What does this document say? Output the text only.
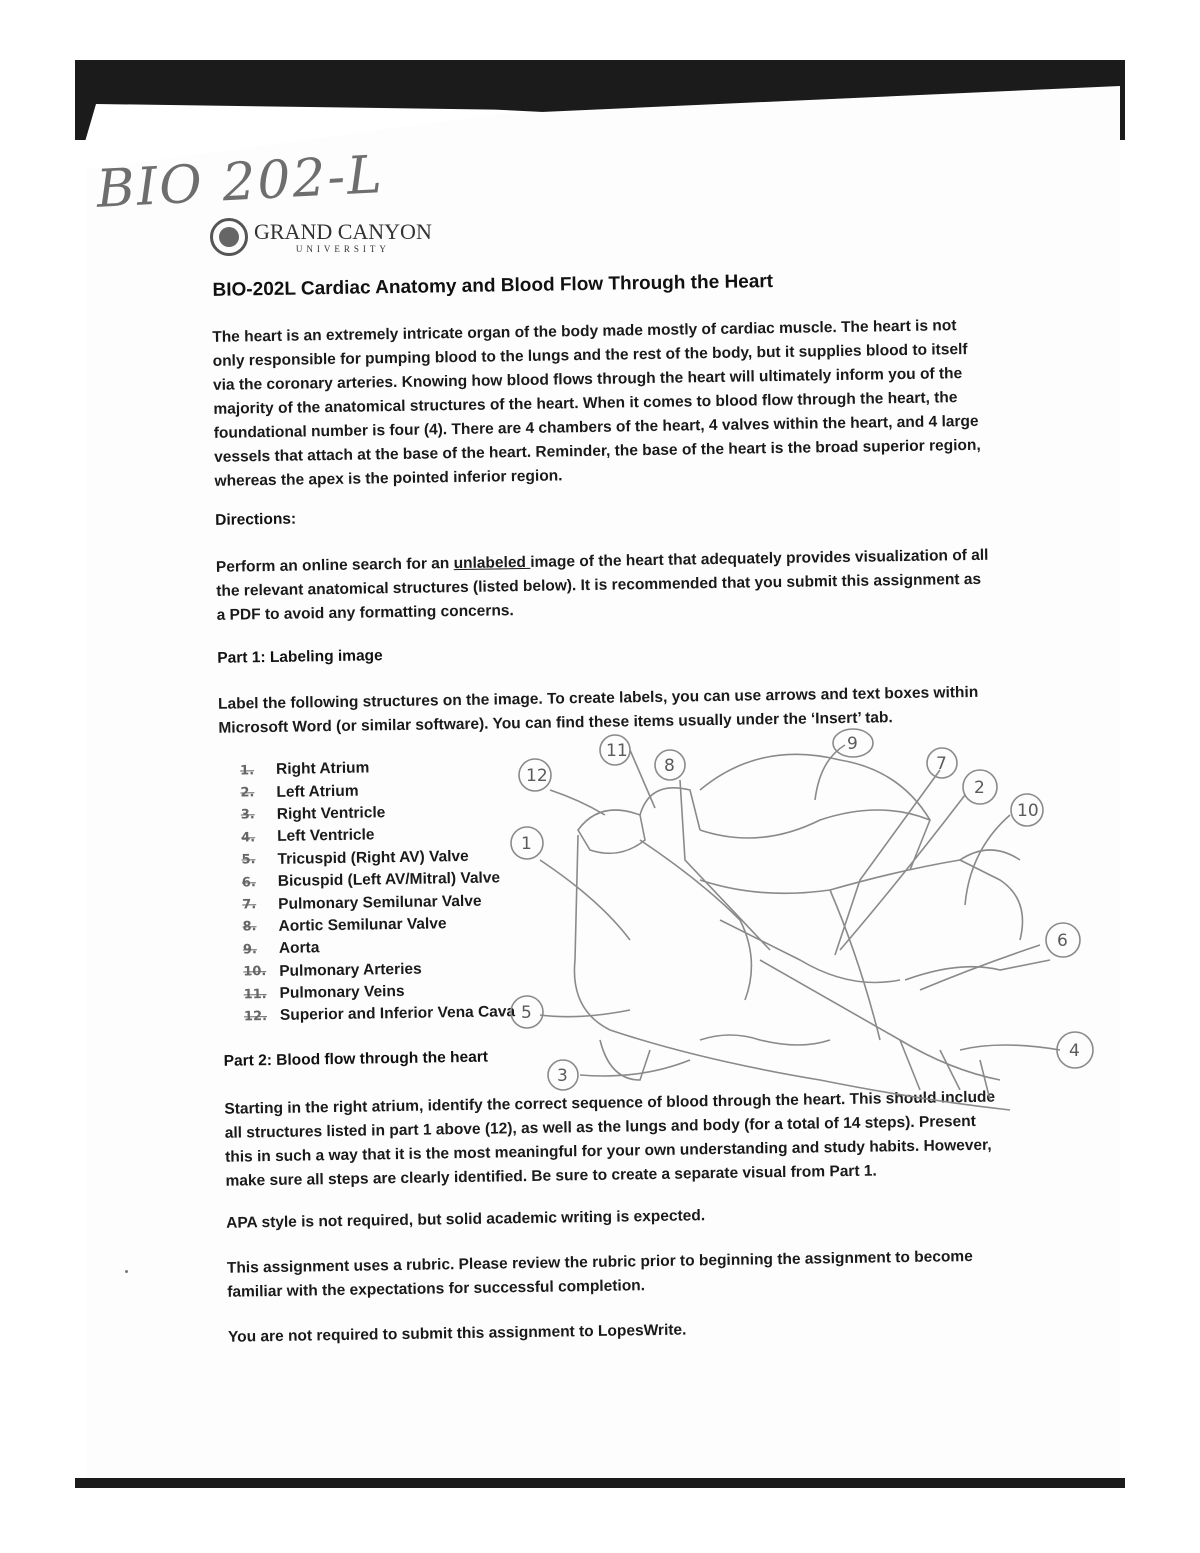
BIO 202-L
GRAND CANYON
UNIVERSITY
BIO-202L Cardiac Anatomy and Blood Flow Through the Heart
The heart is an extremely intricate organ of the body made mostly of cardiac muscle. The heart is not only responsible for pumping blood to the lungs and the rest of the body, but it supplies blood to itself via the coronary arteries. Knowing how blood flows through the heart will ultimately inform you of the majority of the anatomical structures of the heart. When it comes to blood flow through the heart, the foundational number is four (4). There are 4 chambers of the heart, 4 valves within the heart, and 4 large vessels that attach at the base of the heart. Reminder, the base of the heart is the broad superior region, whereas the apex is the pointed inferior region.
Directions:
Perform an online search for an unlabeled image of the heart that adequately provides visualization of all the relevant anatomical structures (listed below). It is recommended that you submit this assignment as a PDF to avoid any formatting concerns.
Part 1: Labeling image
Label the following structures on the image. To create labels, you can use arrows and text boxes within Microsoft Word (or similar software). You can find these items usually under the ‘Insert’ tab.
1.	Right Atrium
2.	Left Atrium
3.	Right Ventricle
4.	Left Ventricle
5.	Tricuspid (Right AV) Valve
6.	Bicuspid (Left AV/Mitral) Valve
7.	Pulmonary Semilunar Valve
8.	Aortic Semilunar Valve
9.	Aorta
10. Pulmonary Arteries
11. Pulmonary Veins
12. Superior and Inferior Vena Cava
Part 2: Blood flow through the heart
Starting in the right atrium, identify the correct sequence of blood through the heart. This should include all structures listed in part 1 above (12), as well as the lungs and body (for a total of 14 steps). Present this in such a way that it is the most meaningful for your own understanding and study habits. However, make sure all steps are clearly identified. Be sure to create a separate visual from Part 1.
APA style is not required, but solid academic writing is expected.
This assignment uses a rubric. Please review the rubric prior to beginning the assignment to become familiar with the expectations for successful completion.
You are not required to submit this assignment to LopesWrite.
12
11
8
9
7
2
10
1
6
5
4
3
